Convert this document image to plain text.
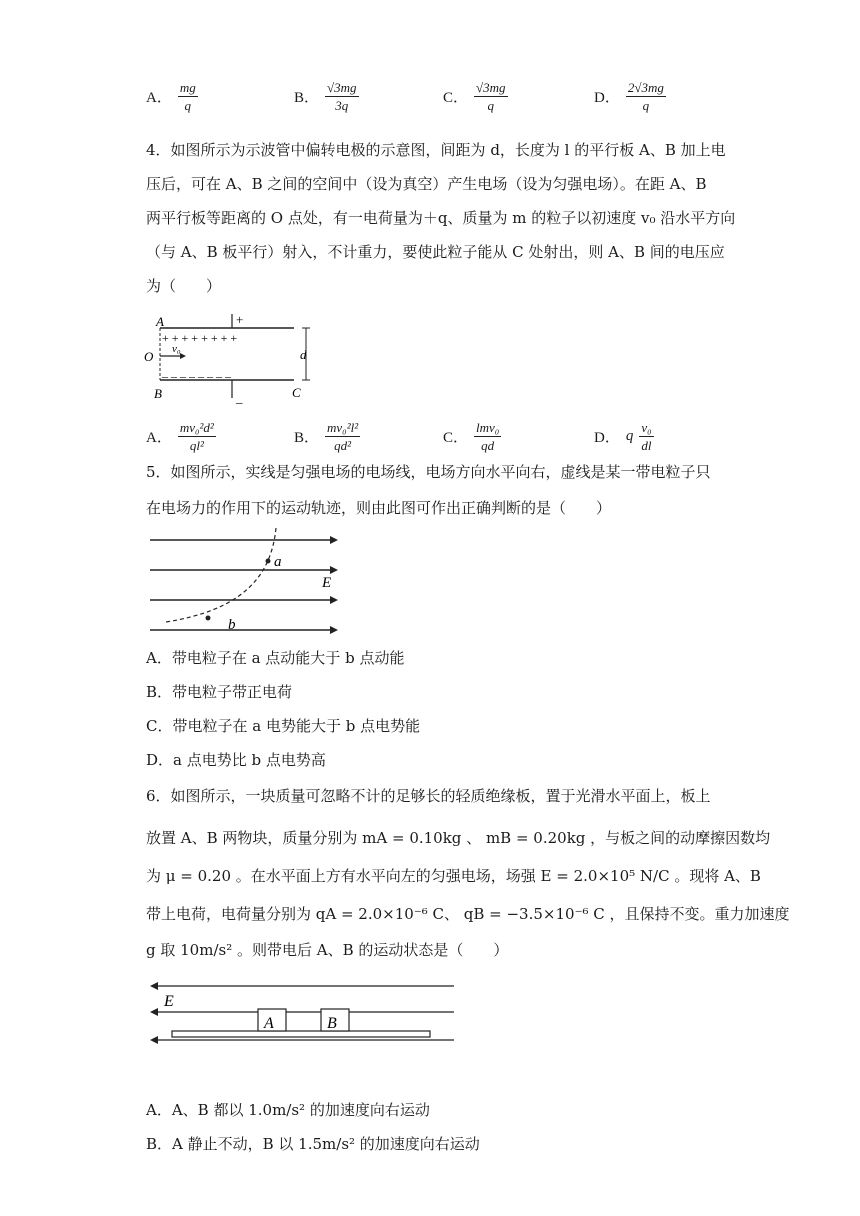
A． $\frac{mg}{q}$	B． $\frac{√3mg}{3q}$	C． $\frac{√3mg}{q}$	D． $\frac{2√3mg}{q}$
4．如图所示为示波管中偏转电极的示意图，间距为 d，长度为 l 的平行板 A、B 加上电
压后，可在 A、B 之间的空间中（设为真空）产生电场（设为匀强电场）。在距 A、B
两平行板等距离的 O 点处，有一电荷量为＋q、质量为 m 的粒子以初速度 v₀ 沿水平方向
（与 A、B 板平行）射入，不计重力，要使此粒子能从 C 处射出，则 A、B 间的电压应
为（　　）
A
B
O
C
d
v₀
+
_
+ + + + + + + +
_ _ _ _ _ _ _ _
A． $\frac{\text{mv₀²d²}}{\text{ql²}}$	B． $\frac{\text{mv₀²l²}}{\text{qd²}}$	C． $\frac{\text{lmv₀}}{qd}$	D． q $\frac{\text{v₀}}{dl}$
5．如图所示，实线是匀强电场的电场线，电场方向水平向右，虚线是某一带电粒子只
在电场力的作用下的运动轨迹，则由此图可作出正确判断的是（　　）
a
b
E
A．带电粒子在 a 点动能大于 b 点动能
B．带电粒子带正电荷
C．带电粒子在 a 电势能大于 b 点电势能
D．a 点电势比 b 点电势高
6．如图所示，一块质量可忽略不计的足够长的轻质绝缘板，置于光滑水平面上，板上
放置 A、B 两物块，质量分别为 mA = 0.10kg 、 mB = 0.20kg ，与板之间的动摩擦因数均
为 μ = 0.20 。在水平面上方有水平向左的匀强电场，场强 E = 2.0×10⁵ N/C 。现将 A、B
带上电荷，电荷量分别为 qA = 2.0×10⁻⁶ C、 qB = −3.5×10⁻⁶ C ，且保持不变。重力加速度
g 取 10m/s² 。则带电后 A、B 的运动状态是（　　）
E
A	B
A．A、B 都以 1.0m/s² 的加速度向右运动
B．A 静止不动，B 以 1.5m/s² 的加速度向右运动
